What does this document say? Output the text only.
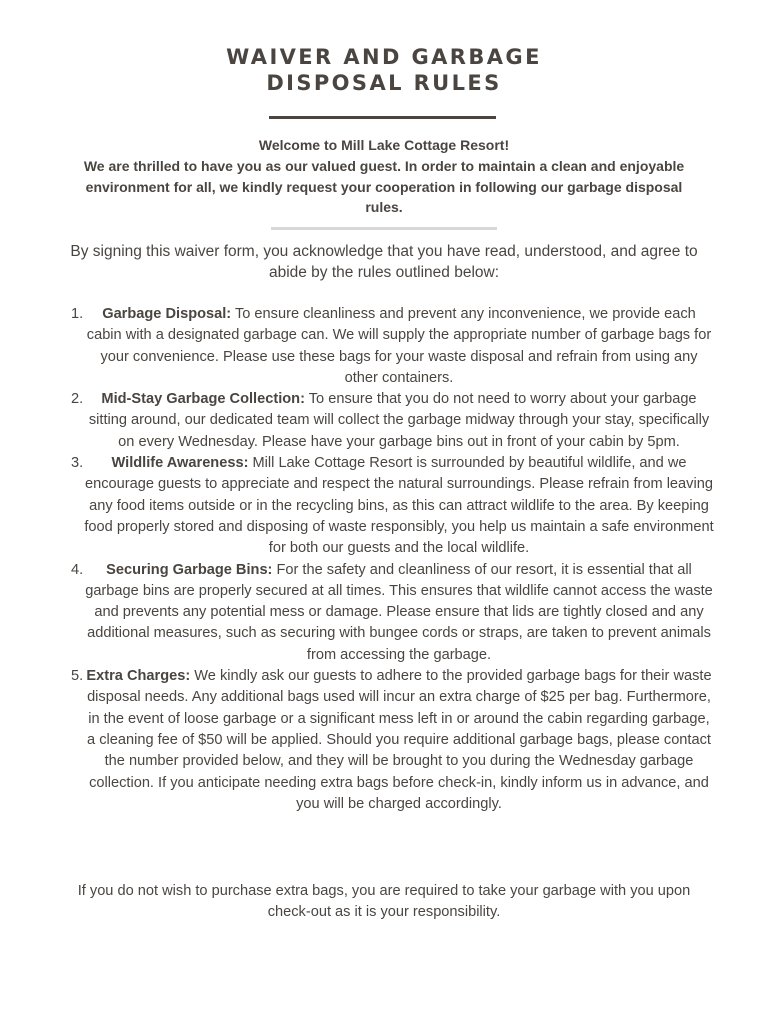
WAIVER AND GARBAGE
DISPOSAL RULES
Welcome to Mill Lake Cottage Resort!
We are thrilled to have you as our valued guest. In order to maintain a clean and enjoyable environment for all, we kindly request your cooperation in following our garbage disposal rules.
By signing this waiver form, you acknowledge that you have read, understood, and agree to abide by the rules outlined below:
1. Garbage Disposal: To ensure cleanliness and prevent any inconvenience, we provide each cabin with a designated garbage can. We will supply the appropriate number of garbage bags for your convenience. Please use these bags for your waste disposal and refrain from using any other containers.
2. Mid-Stay Garbage Collection: To ensure that you do not need to worry about your garbage sitting around, our dedicated team will collect the garbage midway through your stay, specifically on every Wednesday. Please have your garbage bins out in front of your cabin by 5pm.
3. Wildlife Awareness: Mill Lake Cottage Resort is surrounded by beautiful wildlife, and we encourage guests to appreciate and respect the natural surroundings. Please refrain from leaving any food items outside or in the recycling bins, as this can attract wildlife to the area. By keeping food properly stored and disposing of waste responsibly, you help us maintain a safe environment for both our guests and the local wildlife.
4. Securing Garbage Bins: For the safety and cleanliness of our resort, it is essential that all garbage bins are properly secured at all times. This ensures that wildlife cannot access the waste and prevents any potential mess or damage. Please ensure that lids are tightly closed and any additional measures, such as securing with bungee cords or straps, are taken to prevent animals from accessing the garbage.
5. Extra Charges: We kindly ask our guests to adhere to the provided garbage bags for their waste disposal needs. Any additional bags used will incur an extra charge of $25 per bag. Furthermore, in the event of loose garbage or a significant mess left in or around the cabin regarding garbage, a cleaning fee of $50 will be applied. Should you require additional garbage bags, please contact the number provided below, and they will be brought to you during the Wednesday garbage collection. If you anticipate needing extra bags before check-in, kindly inform us in advance, and you will be charged accordingly.
If you do not wish to purchase extra bags, you are required to take your garbage with you upon check-out as it is your responsibility.
